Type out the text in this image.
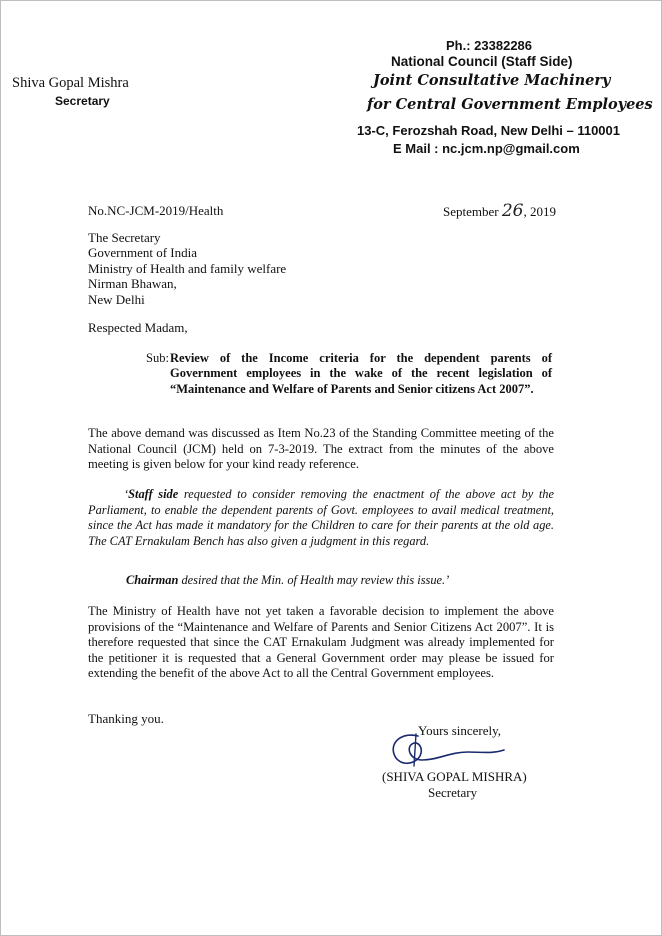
Ph.: 23382286
National Council (Staff Side)
Joint Consultative Machinery
for Central Government Employees
13-C, Ferozshah Road, New Delhi – 110001
E Mail : nc.jcm.np@gmail.com
Shiva Gopal Mishra
Secretary
No.NC-JCM-2019/Health	September 26, 2019
The Secretary
Government of India
Ministry of Health and family welfare
Nirman Bhawan,
New Delhi
Respected Madam,
Sub: Review of the Income criteria for the dependent parents of Government employees in the wake of the recent legislation of “Maintenance and Welfare of Parents and Senior citizens Act 2007”.
The above demand was discussed as Item No.23 of the Standing Committee meeting of the National Council (JCM) held on 7-3-2019. The extract from the minutes of the above meeting is given below for your kind ready reference.
‘Staff side requested to consider removing the enactment of the above act by the Parliament, to enable the dependent parents of Govt. employees to avail medical treatment, since the Act has made it mandatory for the Children to care for their parents at the old age. The CAT Ernakulam Bench has also given a judgment in this regard.
Chairman desired that the Min. of Health may review this issue.’
The Ministry of Health have not yet taken a favorable decision to implement the above provisions of the “Maintenance and Welfare of Parents and Senior Citizens Act 2007”. It is therefore requested that since the CAT Ernakulam Judgment was already implemented for the petitioner it is requested that a General Government order may please be issued for extending the benefit of the above Act to all the Central Government employees.
Thanking you.
Yours sincerely,
(SHIVA GOPAL MISHRA)
Secretary
